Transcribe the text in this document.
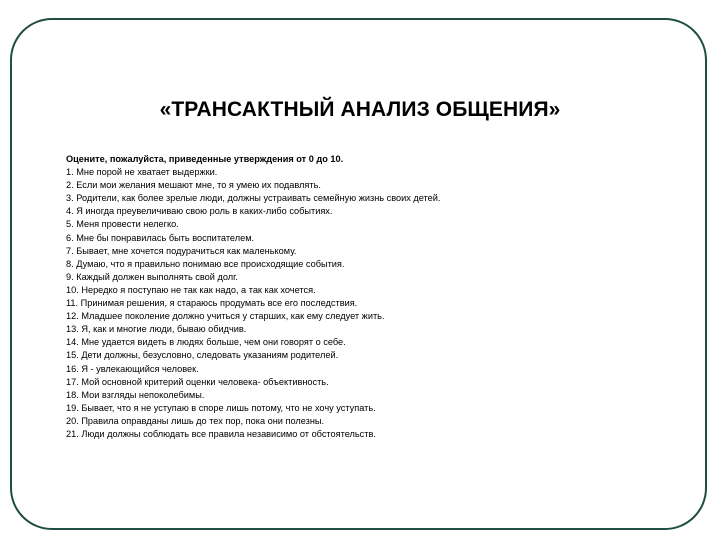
«ТРАНСАКТНЫЙ АНАЛИЗ ОБЩЕНИЯ»
Оцените, пожалуйста, приведенные утверждения от 0 до 10.
1. Мне порой не хватает выдержки.
2. Если мои желания мешают мне, то я умею их подавлять.
3. Родители, как более зрелые люди, должны устраивать семейную жизнь своих детей.
4. Я иногда преувеличиваю свою роль в каких-либо событиях.
5. Меня провести нелегко.
6. Мне бы понравилась быть воспитателем.
7. Бывает, мне хочется подурачиться как маленькому.
8. Думаю, что я правильно понимаю все происходящие события.
9. Каждый должен выполнять свой долг.
10. Нередко я поступаю не так как надо, а так как хочется.
11. Принимая решения, я стараюсь продумать все его последствия.
12. Младшее поколение должно учиться у старших, как ему следует жить.
13. Я, как и многие люди, бываю обидчив.
14. Мне удается видеть в людях больше, чем они говорят о себе.
15. Дети должны, безусловно, следовать указаниям родителей.
16. Я - увлекающийся человек.
17. Мой основной критерий оценки человека- объективность.
18. Мои взгляды непоколебимы.
19. Бывает, что я не уступаю в споре лишь потому, что не хочу уступать.
20. Правила оправданы лишь до тех пор, пока они полезны.
21. Люди должны соблюдать все правила независимо от обстоятельств.
